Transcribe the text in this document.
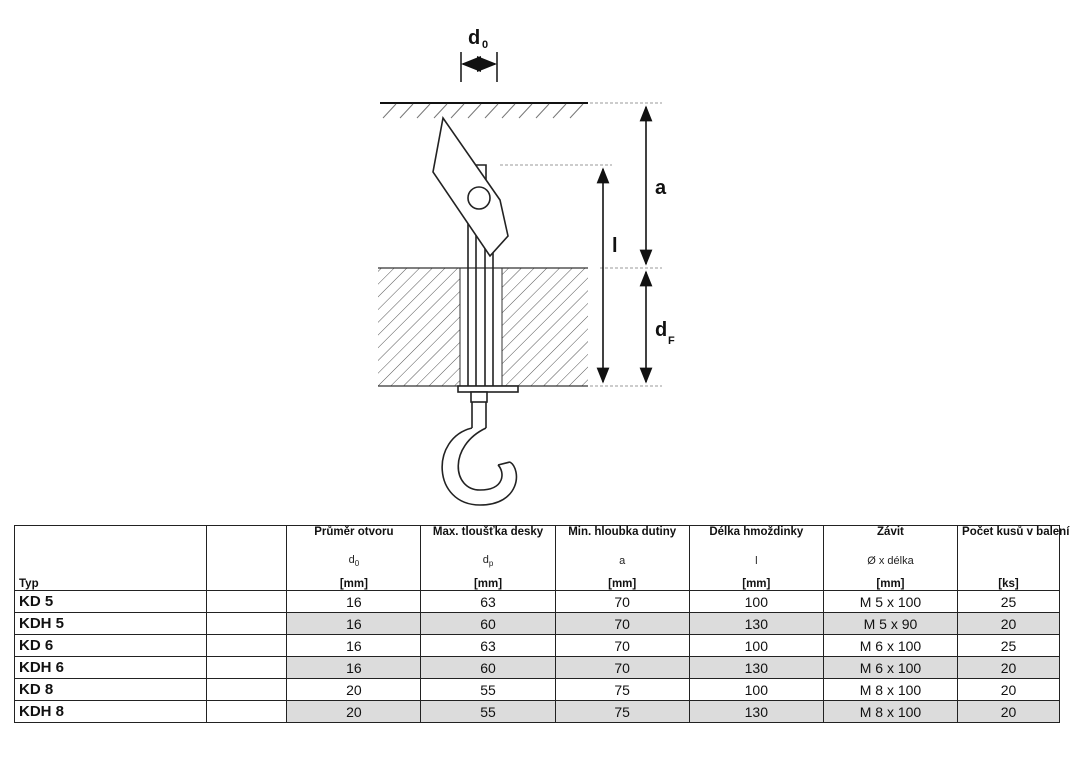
d 0
a
l
d F
Typ		Průměr otvoru	Max. tloušťka desky	Min. hloubka dutiny	Délka hmoždinky	Závit	Počet kusů v balení
		$d_0$	$d_p$	a	l	Ø x délka	
		[mm]	[mm]	[mm]	[mm]	[mm]	[ks]
KD 5		16	63	70	100	M 5 x 100	25
KDH 5		16	60	70	130	M 5 x 90	20
KD 6		16	63	70	100	M 6 x 100	25
KDH 6		16	60	70	130	M 6 x 100	20
KD 8		20	55	75	100	M 8 x 100	20
KDH 8		20	55	75	130	M 8 x 100	20
